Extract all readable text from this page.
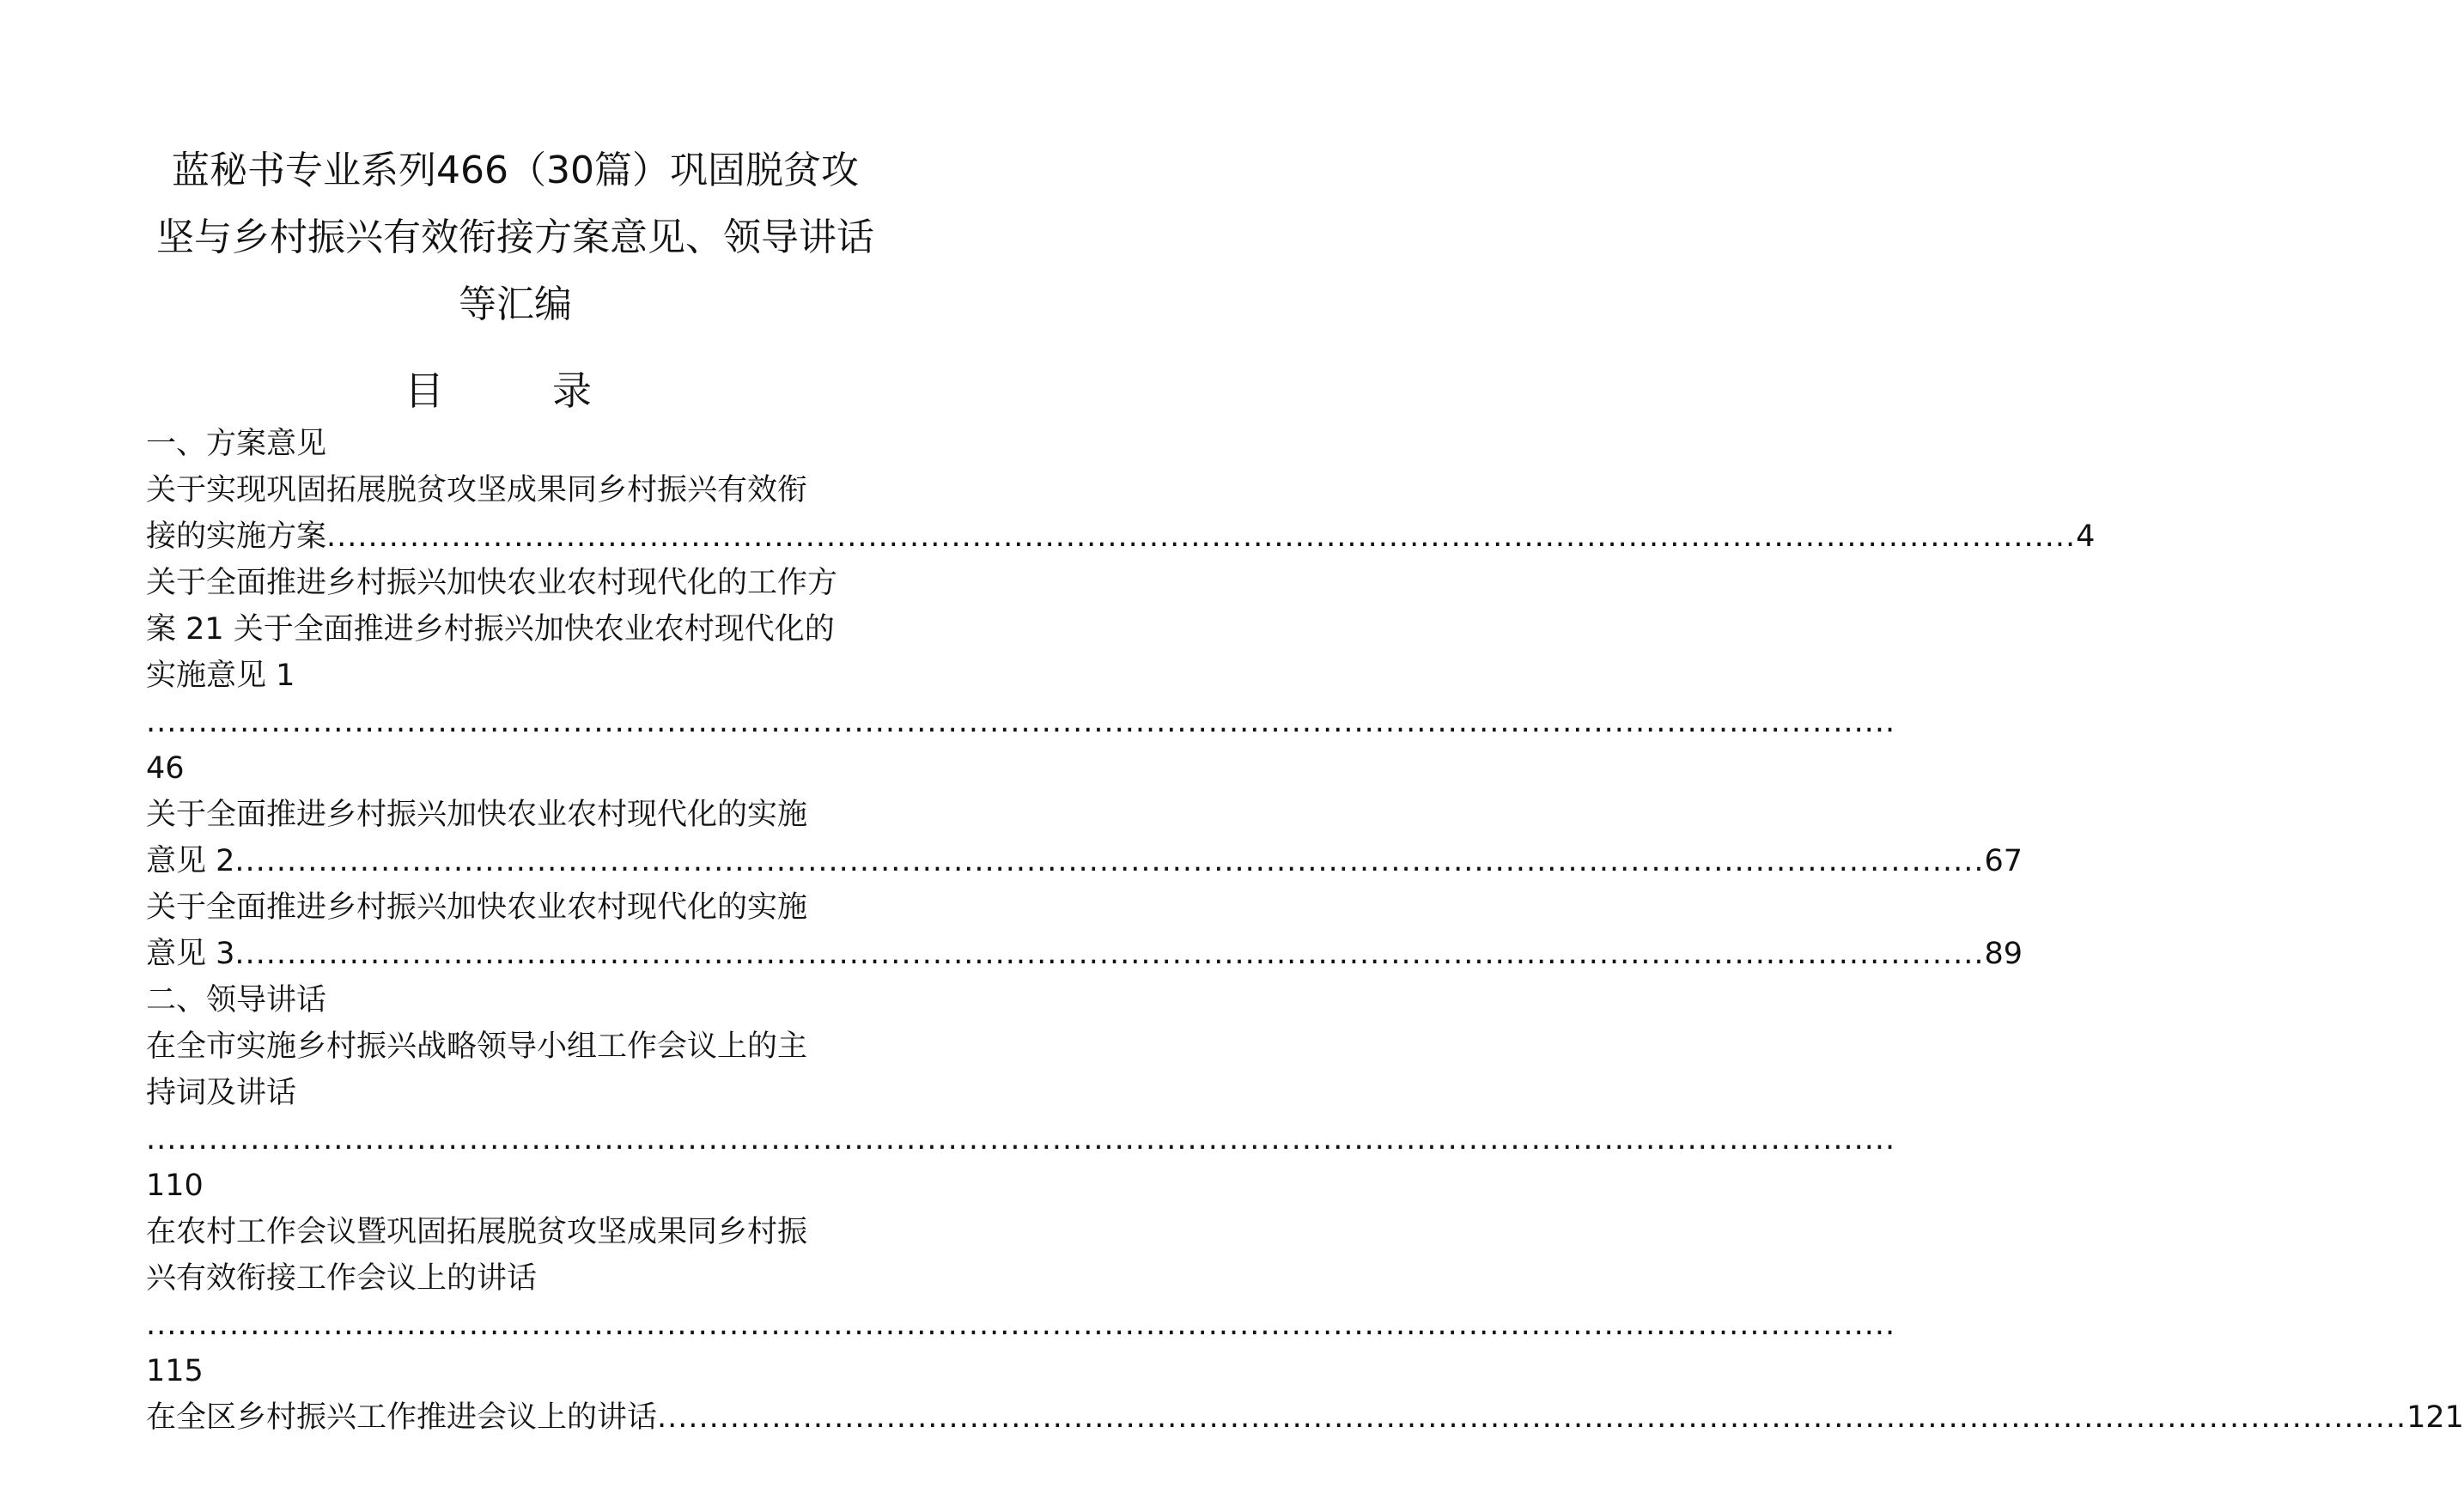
蓝秘书专业系列466（30篇）巩固脱贫攻
坚与乡村振兴有效衔接方案意见、领导讲话
等汇编
目　录
一、方案意见
关于实现巩固拓展脱贫攻坚成果同乡村振兴有效衔
接的实施方案 ........................................................................................................................................................................ 4
关于全面推进乡村振兴加快农业农村现代化的工作方
案 21 关于全面推进乡村振兴加快农业农村现代化的
实施意见 1
........................................................................................................................................................................
46
关于全面推进乡村振兴加快农业农村现代化的实施
意见 2 ........................................................................................................................................................................ 67
关于全面推进乡村振兴加快农业农村现代化的实施
意见 3 ........................................................................................................................................................................ 89
二、领导讲话
在全市实施乡村振兴战略领导小组工作会议上的主
持词及讲话
........................................................................................................................................................................
110
在农村工作会议暨巩固拓展脱贫攻坚成果同乡村振
兴有效衔接工作会议上的讲话
........................................................................................................................................................................
115
在全区乡村振兴工作推进会议上的讲话 ........................................................................................................................................................................ 121
